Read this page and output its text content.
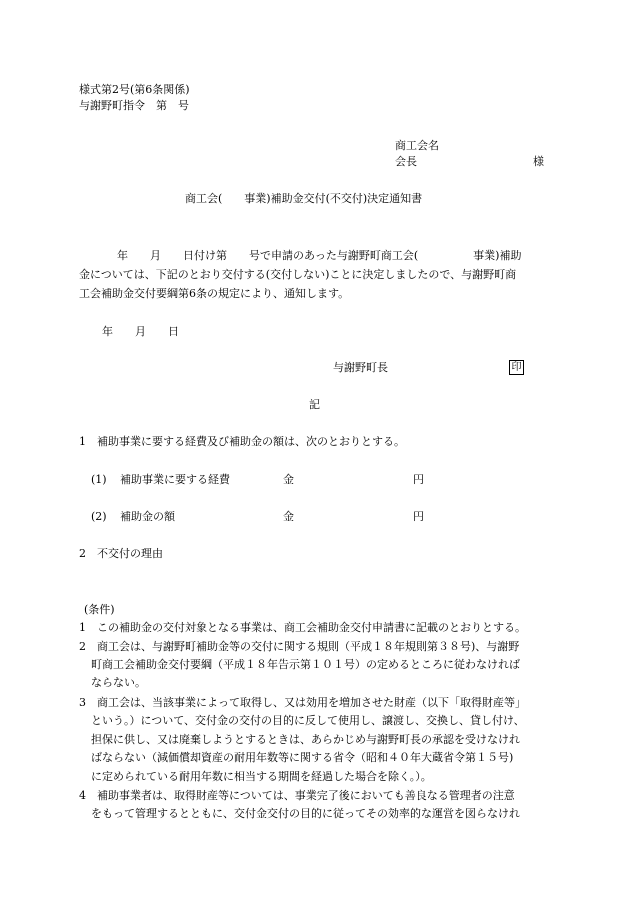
様式第2号(第6条関係)
与謝野町指令　第　号
商工会名
会長	様
商工会(　　事業)補助金交付(不交付)決定通知書
年　　月　　日付け第　　号で申請のあった与謝野町商工会(　　　　　事業)補助
金については、下記のとおり交付する(交付しない)ことに決定しましたので、与謝野町商
工会補助金交付要綱第6条の規定により、通知します。
年　　月　　日
与謝野町長	印
記
1　補助事業に要する経費及び補助金の額は、次のとおりとする。
(1) 補助事業に要する経費	金	円
(2) 補助金の額	金	円
2　不交付の理由
(条件)
1　この補助金の交付対象となる事業は、商工会補助金交付申請書に記載のとおりとする。
2　商工会は、与謝野町補助金等の交付に関する規則（平成１８年規則第３８号)、与謝野
町商工会補助金交付要綱（平成１８年告示第１０１号）の定めるところに従わなければ
ならない。
3　商工会は、当該事業によって取得し、又は効用を増加させた財産（以下「取得財産等」
という。）について、交付金の交付の目的に反して使用し、譲渡し、交換し、貸し付け、
担保に供し、又は廃棄しようとするときは、あらかじめ与謝野町長の承認を受けなけれ
ばならない（減価償却資産の耐用年数等に関する省令（昭和４０年大蔵省令第１５号)
に定められている耐用年数に相当する期間を経過した場合を除く。）。
4　補助事業者は、取得財産等については、事業完了後においても善良なる管理者の注意
をもって管理するとともに、交付金交付の目的に従ってその効率的な運営を図らなけれ
